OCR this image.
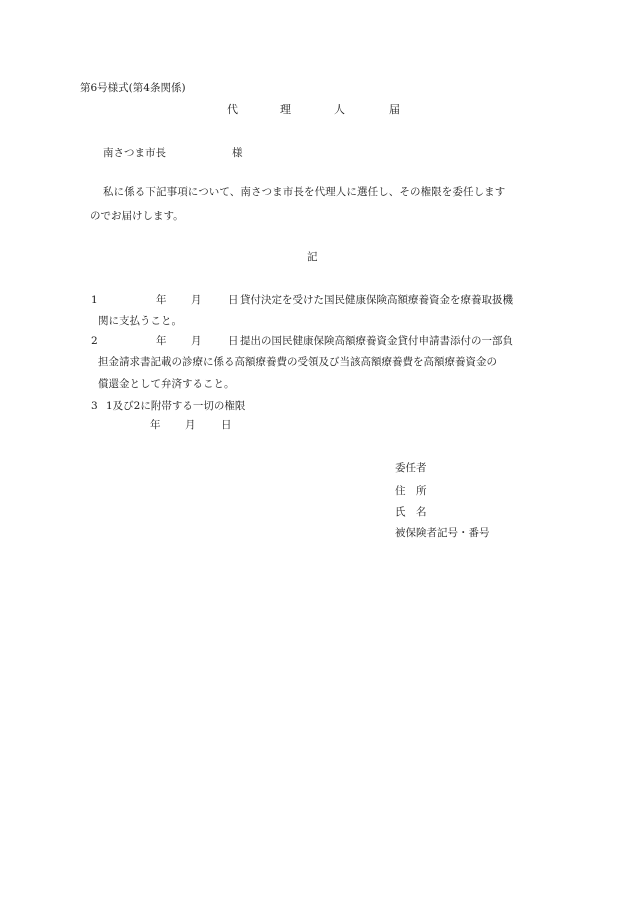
第6号様式(第4条関係)
代	理	人	届
南さつま市長	様
私に係る下記事項について、南さつま市長を代理人に選任し、その権限を委任します
のでお届けします。
記
1	年 月	日 貸付決定を受けた国民健康保険高額療養資金を療養取扱機
関に支払うこと。
2	年 月	日 提出の国民健康保険高額療養資金貸付申請書添付の一部負
担金請求書記載の診療に係る高額療養費の受領及び当該高額療養費を高額療養資金の
償還金として弁済すること。
3 1及び2に附帯する一切の権限
年 月 日
委任者
住　所
氏　名
被保険者記号・番号
